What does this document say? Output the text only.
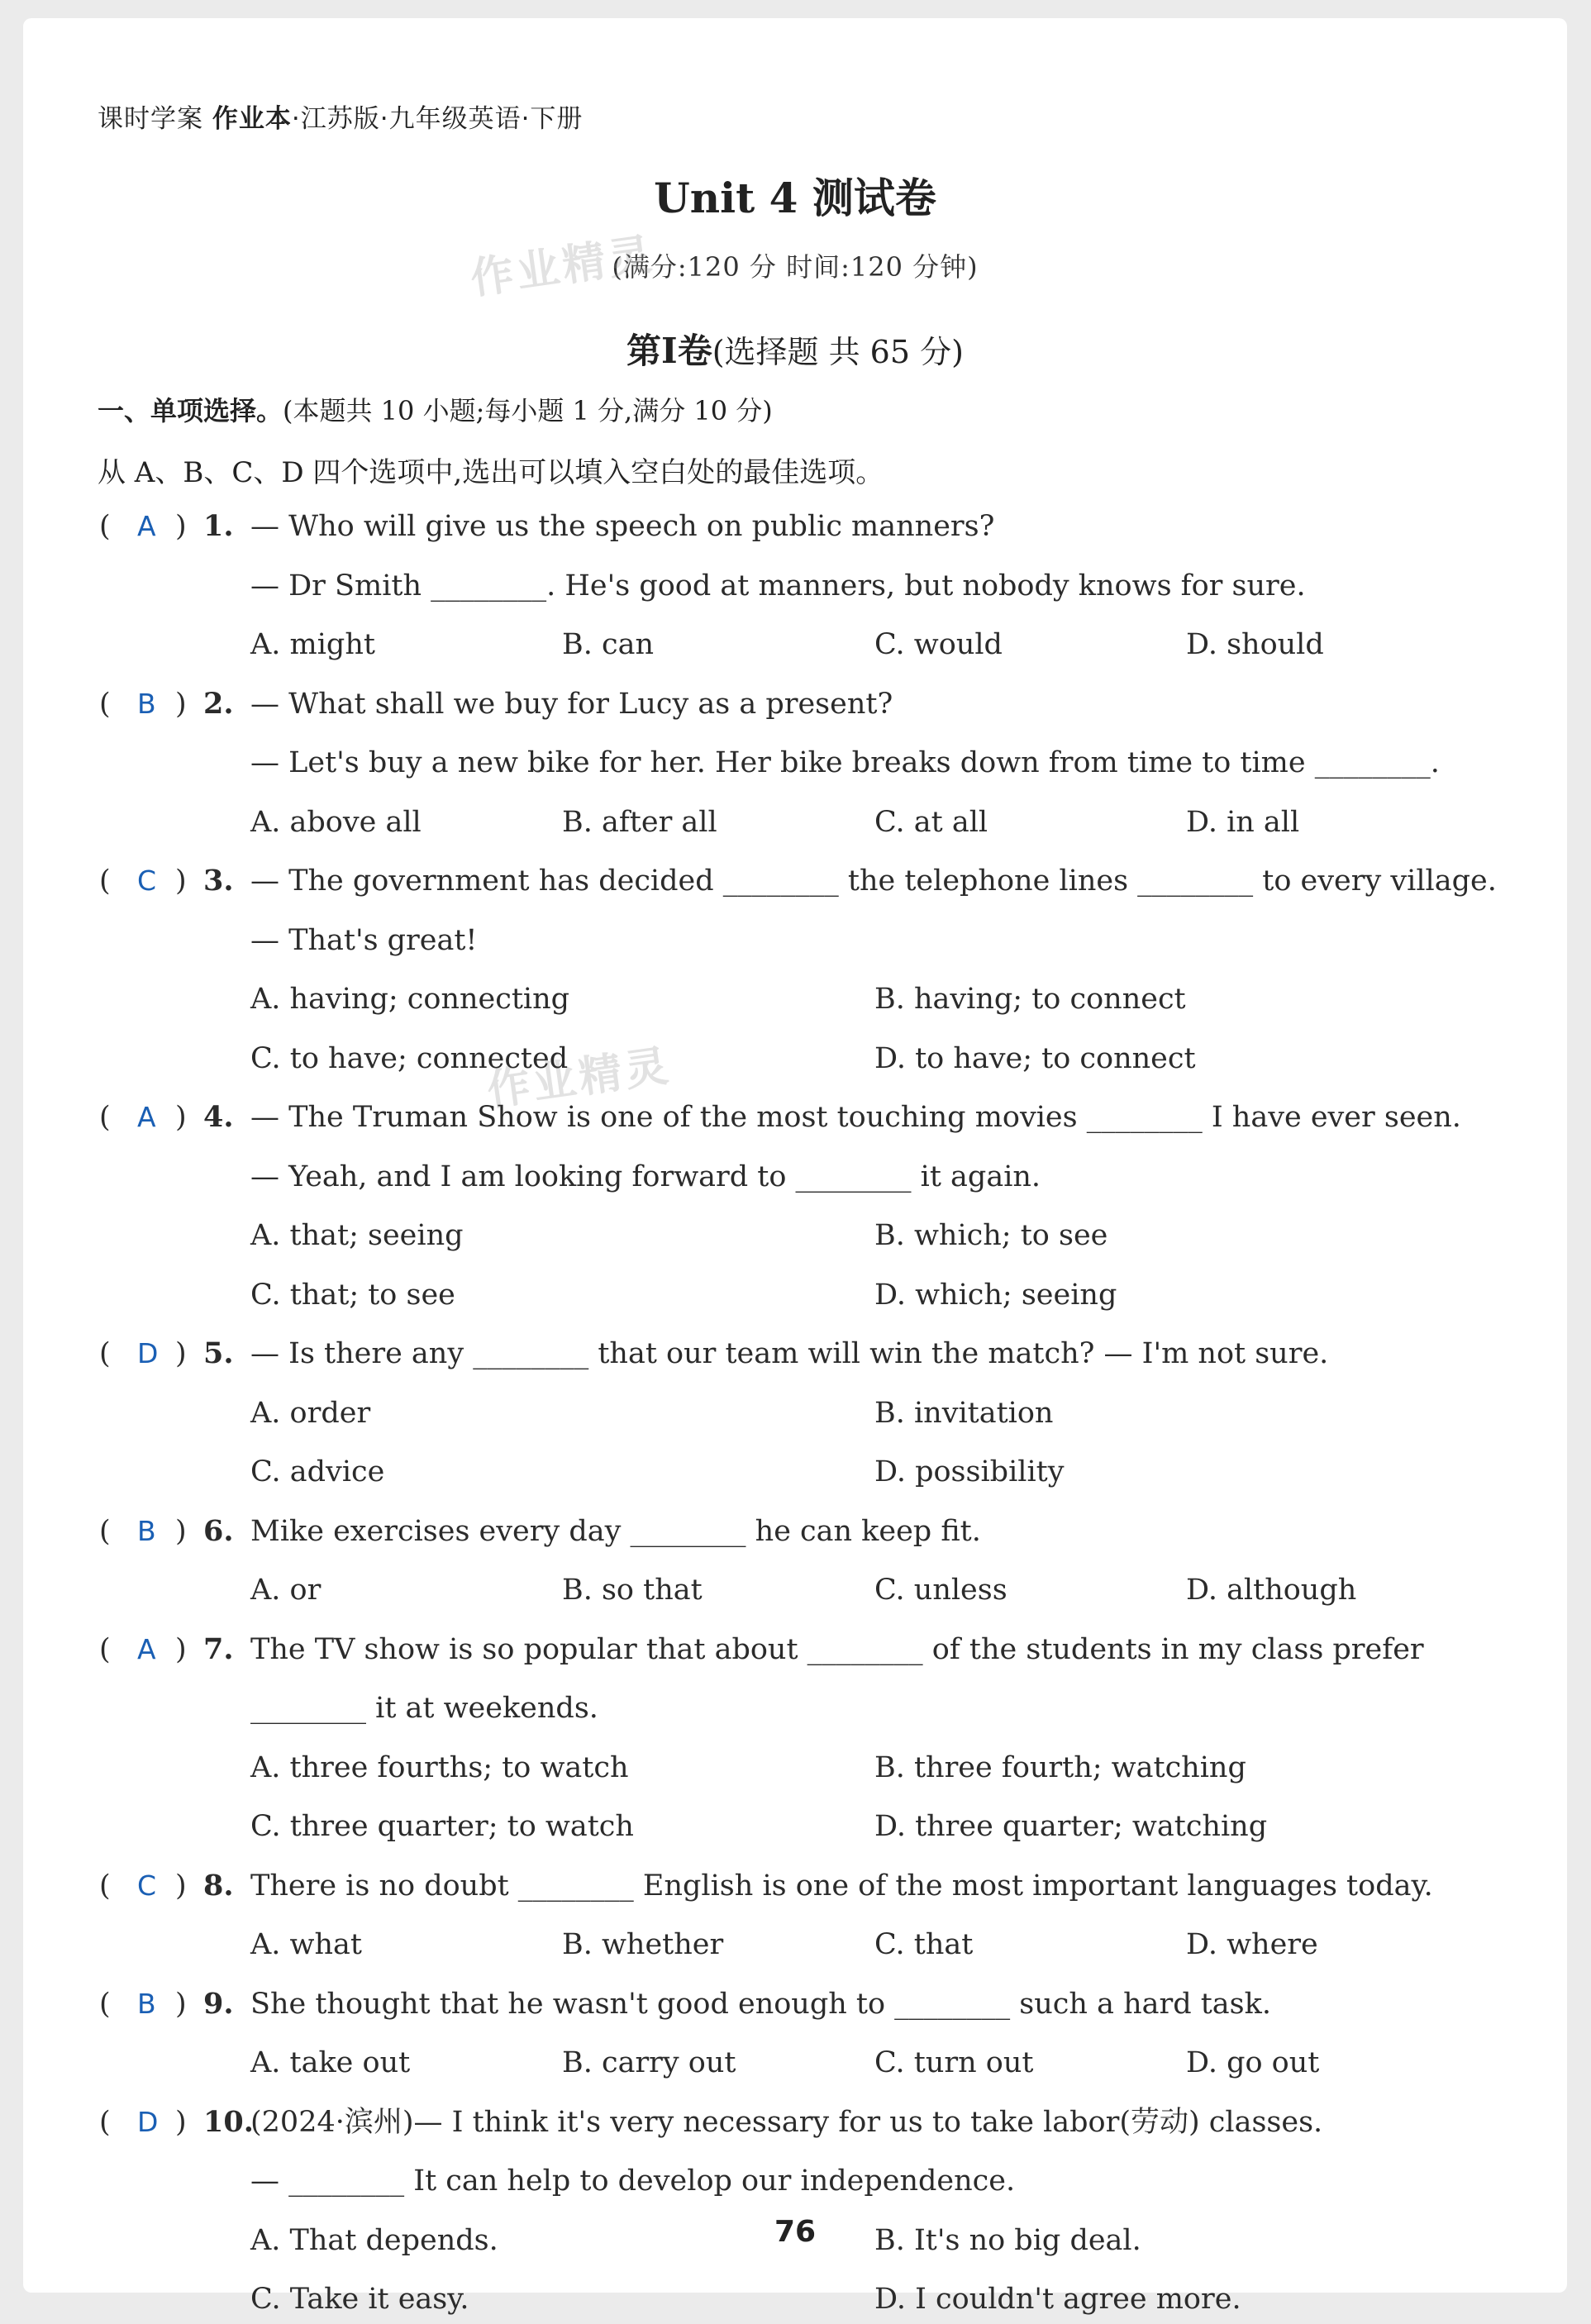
课时学案 作业本·江苏版·九年级英语·下册
Unit 4 测试卷
(满分:120 分 时间:120 分钟)
第Ⅰ卷(选择题 共 65 分)
一、单项选择。(本题共 10 小题;每小题 1 分,满分 10 分)
从 A、B、C、D 四个选项中,选出可以填入空白处的最佳选项。
作业精灵
作业精灵
( A ) 1. — Who will give us the speech on public manners?
— Dr Smith ________. He's good at manners, but nobody knows for sure.
A. might	B. can	C. would	D. should
( B ) 2. — What shall we buy for Lucy as a present?
— Let's buy a new bike for her. Her bike breaks down from time to time ________.
A. above all	B. after all	C. at all	D. in all
( C ) 3. — The government has decided ________ the telephone lines ________ to every village.
— That's great!
A. having; connecting	B. having; to connect
C. to have; connected	D. to have; to connect
( A ) 4. — The Truman Show is one of the most touching movies ________ I have ever seen.
— Yeah, and I am looking forward to ________ it again.
A. that; seeing	B. which; to see
C. that; to see	D. which; seeing
( D ) 5. — Is there any ________ that our team will win the match? — I'm not sure.
A. order	B. invitation
C. advice	D. possibility
( B ) 6. Mike exercises every day ________ he can keep fit.
A. or	B. so that	C. unless	D. although
( A ) 7. The TV show is so popular that about ________ of the students in my class prefer
________ it at weekends.
A. three fourths; to watch	B. three fourth; watching
C. three quarter; to watch	D. three quarter; watching
( C ) 8. There is no doubt ________ English is one of the most important languages today.
A. what	B. whether	C. that	D. where
( B ) 9. She thought that he wasn't good enough to ________ such a hard task.
A. take out	B. carry out	C. turn out	D. go out
( D ) 10.
(2024·滨州)— I think it's very necessary for us to take labor(劳动) classes.
— ________ It can help to develop our independence.
A. That depends.	B. It's no big deal.
C. Take it easy.	D. I couldn't agree more.
76
